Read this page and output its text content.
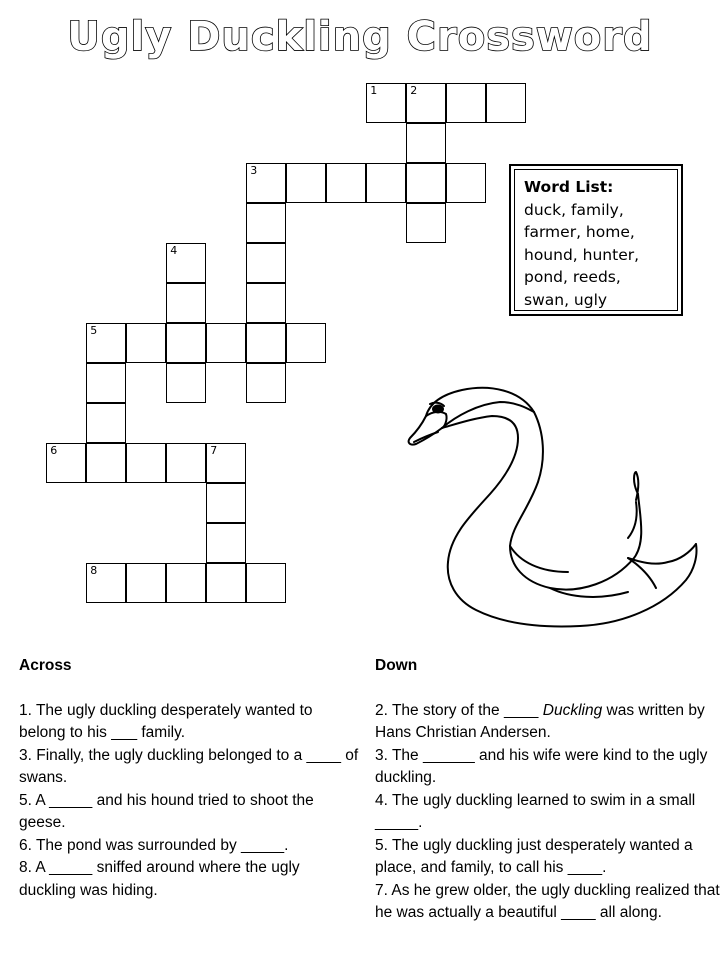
Ugly Duckling Crossword
1	2
3
4
5
6	7
8
Word List:
duck, family,
farmer, home,
hound, hunter,
pond, reeds,
swan, ugly
Across

1. The ugly duckling desperately wanted to belong to his ___ family.

3. Finally, the ugly duckling belonged to a ____ of swans.

5. A _____ and his hound tried to shoot the geese.

6. The pond was surrounded by _____.

8. A _____ sniffed around where the ugly duckling was hiding.

Down

2. The story of the ____ Duckling was written by Hans Christian Andersen.

3. The ______ and his wife were kind to the ugly duckling.

4. The ugly duckling learned to swim in a small _____.

5. The ugly duckling just desperately wanted a place, and family, to call his ____.

7. As he grew older, the ugly duckling realized that he was actually a beautiful ____ all along.
